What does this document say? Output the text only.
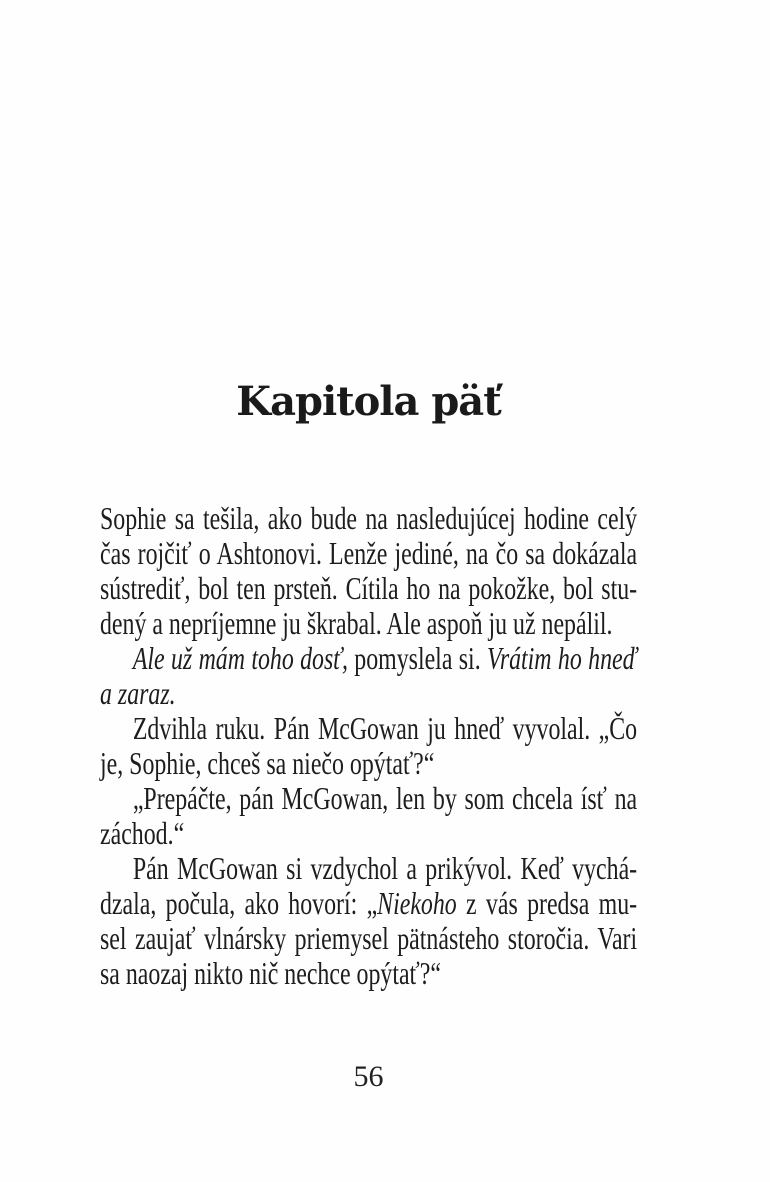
Kapitola päť
Sophie sa tešila, ako bude na nasledujúcej hodine celý
čas rojčiť o Ashtonovi. Lenže jediné, na čo sa dokázala
sústrediť, bol ten prsteň. Cítila ho na pokožke, bol stu-
dený a nepríjemne ju škrabal. Ale aspoň ju už nepálil.
Ale už mám toho dosť, pomyslela si. Vrátim ho hneď
a zaraz.
Zdvihla ruku. Pán McGowan ju hneď vyvolal. „Čo
je, Sophie, chceš sa niečo opýtať?“
„Prepáčte, pán McGowan, len by som chcela ísť na
záchod.“
Pán McGowan si vzdychol a prikývol. Keď vychá-
dzala, počula, ako hovorí: „Niekoho z vás predsa mu-
sel zaujať vlnársky priemysel pätnásteho storočia. Vari
sa naozaj nikto nič nechce opýtať?“
56
